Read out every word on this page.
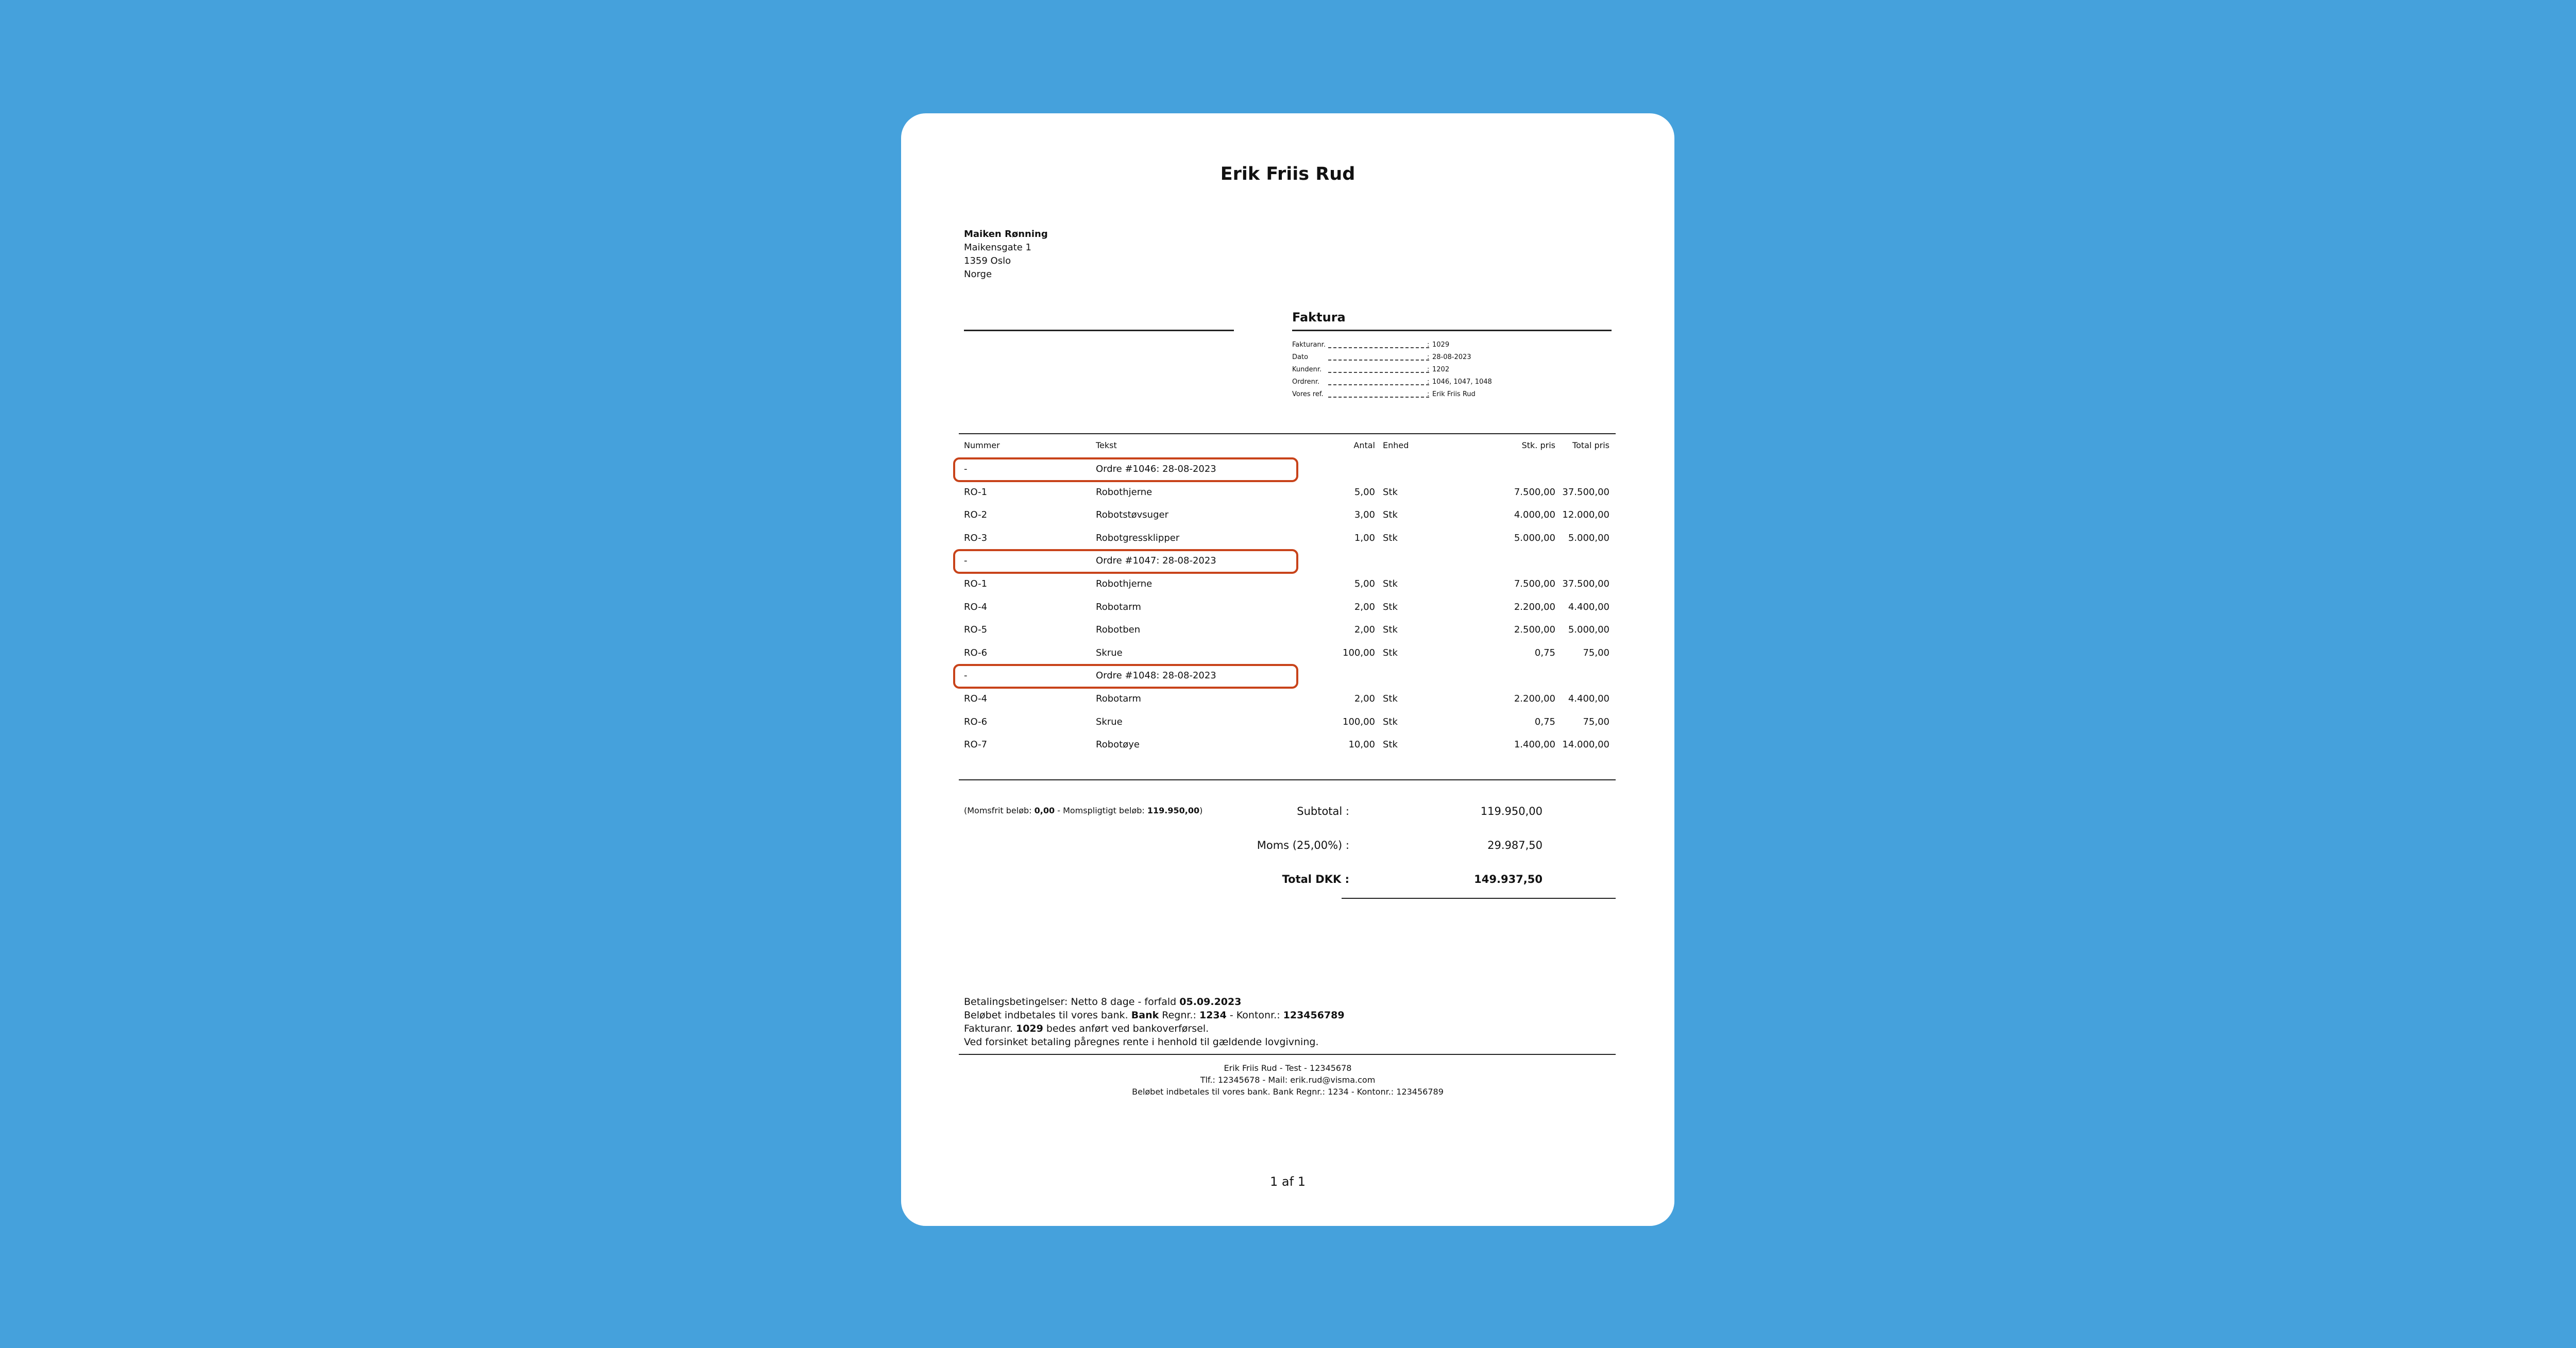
Erik Friis Rud
Maiken Rønning
Maikensgate 1
1359 Oslo
Norge
Faktura
(Momsfrit beløb: 0,00 - Momspligtigt beløb: 119.950,00)	Subtotal :	119.950,00
Moms (25,00%) :	29.987,50
Total DKK :	149.937,50
Betalingsbetingelser: Netto 8 dage - forfald 05.09.2023
Beløbet indbetales til vores bank. Bank Regnr.: 1234 - Kontonr.: 123456789
Fakturanr. 1029 bedes anført ved bankoverførsel.
Ved forsinket betaling påregnes rente i henhold til gældende lovgivning.
Erik Friis Rud - Test - 12345678
Tlf.: 12345678 - Mail: erik.rud@visma.com
Beløbet indbetales til vores bank. Bank Regnr.: 1234 - Kontonr.: 123456789
1 af 1
Fakturanr.	: 1029
Dato	: 28-08-2023
Kundenr.	: 1202
Ordrenr.	: 1046, 1047, 1048
Vores ref.	: Erik Friis Rud
Nummer	Tekst	Antal Enhed	Stk. pris	Total pris
-	Ordre #1046: 28-08-2023
RO-1	Robothjerne	5,00 Stk	7.500,00 37.500,00
RO-2	Robotstøvsuger	3,00 Stk	4.000,00 12.000,00
RO-3	Robotgressklipper	1,00 Stk	5.000,00	5.000,00
-	Ordre #1047: 28-08-2023
RO-1	Robothjerne	5,00 Stk	7.500,00 37.500,00
RO-4	Robotarm	2,00 Stk	2.200,00	4.400,00
RO-5	Robotben	2,00 Stk	2.500,00	5.000,00
RO-6	Skrue	100,00 Stk	0,75	75,00
-	Ordre #1048: 28-08-2023
RO-4	Robotarm	2,00 Stk	2.200,00	4.400,00
RO-6	Skrue	100,00 Stk	0,75	75,00
RO-7	Robotøye	10,00 Stk	1.400,00 14.000,00
